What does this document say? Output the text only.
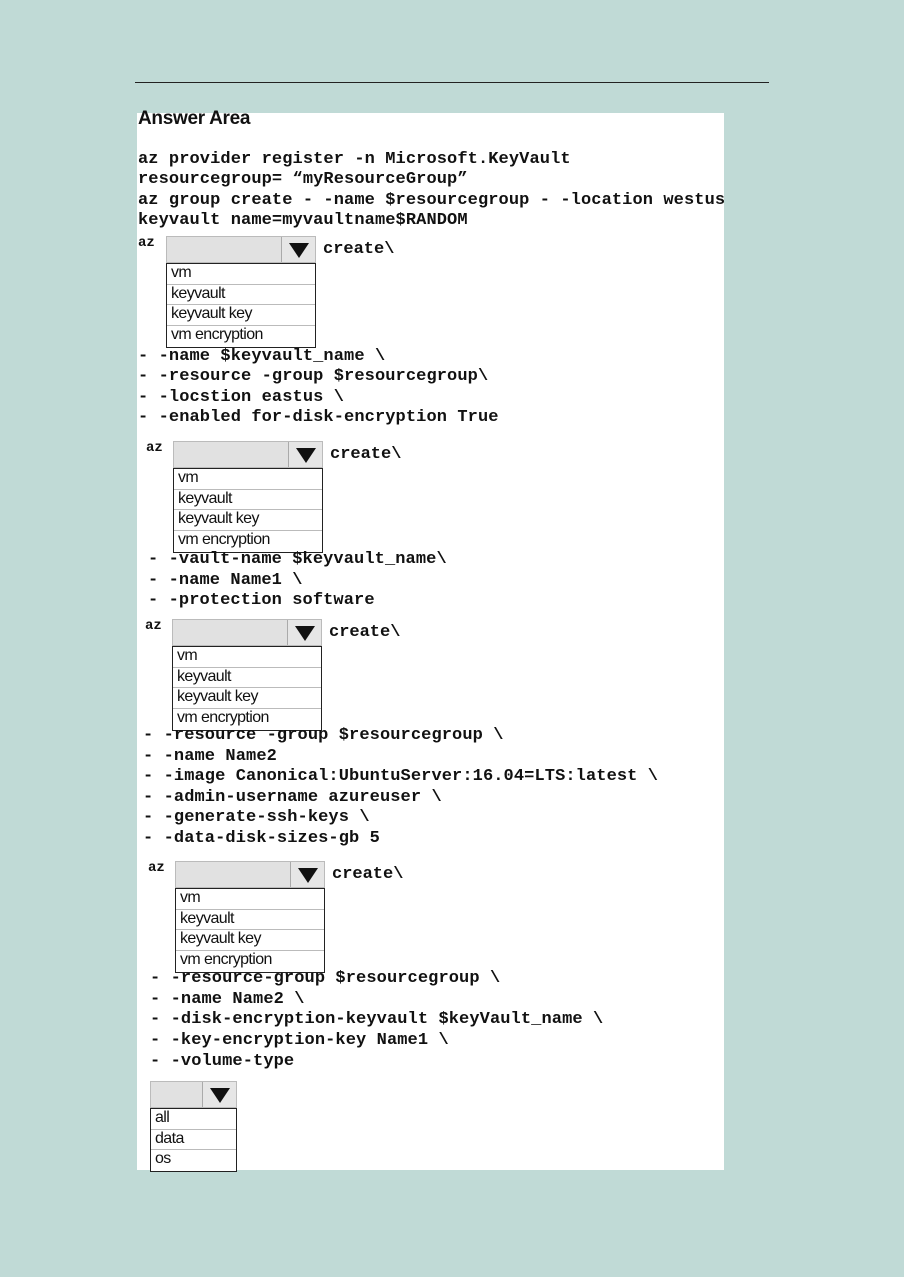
Answer Area
az provider register -n Microsoft.KeyVault
resourcegroup= “myResourceGroup”
az group create - -name $resourcegroup - -location westus
keyvault name=myvaultname$RANDOM
az
vm
keyvault
keyvault key
vm encryption
create\
- -name $keyvault_name \
- -resource -group $resourcegroup\
- -locstion eastus \
- -enabled for-disk-encryption True
az
vm
keyvault
keyvault key
vm encryption
create\
- -vault-name $keyvault_name\
- -name Name1 \
- -protection software
az
vm
keyvault
keyvault key
vm encryption
create\
- -resource -group $resourcegroup \
- -name Name2
- -image Canonical:UbuntuServer:16.04=LTS:latest \
- -admin-username azureuser \
- -generate-ssh-keys \
- -data-disk-sizes-gb 5
az
vm
keyvault
keyvault key
vm encryption
create\
- -resource-group $resourcegroup \
- -name Name2 \
- -disk-encryption-keyvault $keyVault_name \
- -key-encryption-key Name1 \
- -volume-type
all
data
os
